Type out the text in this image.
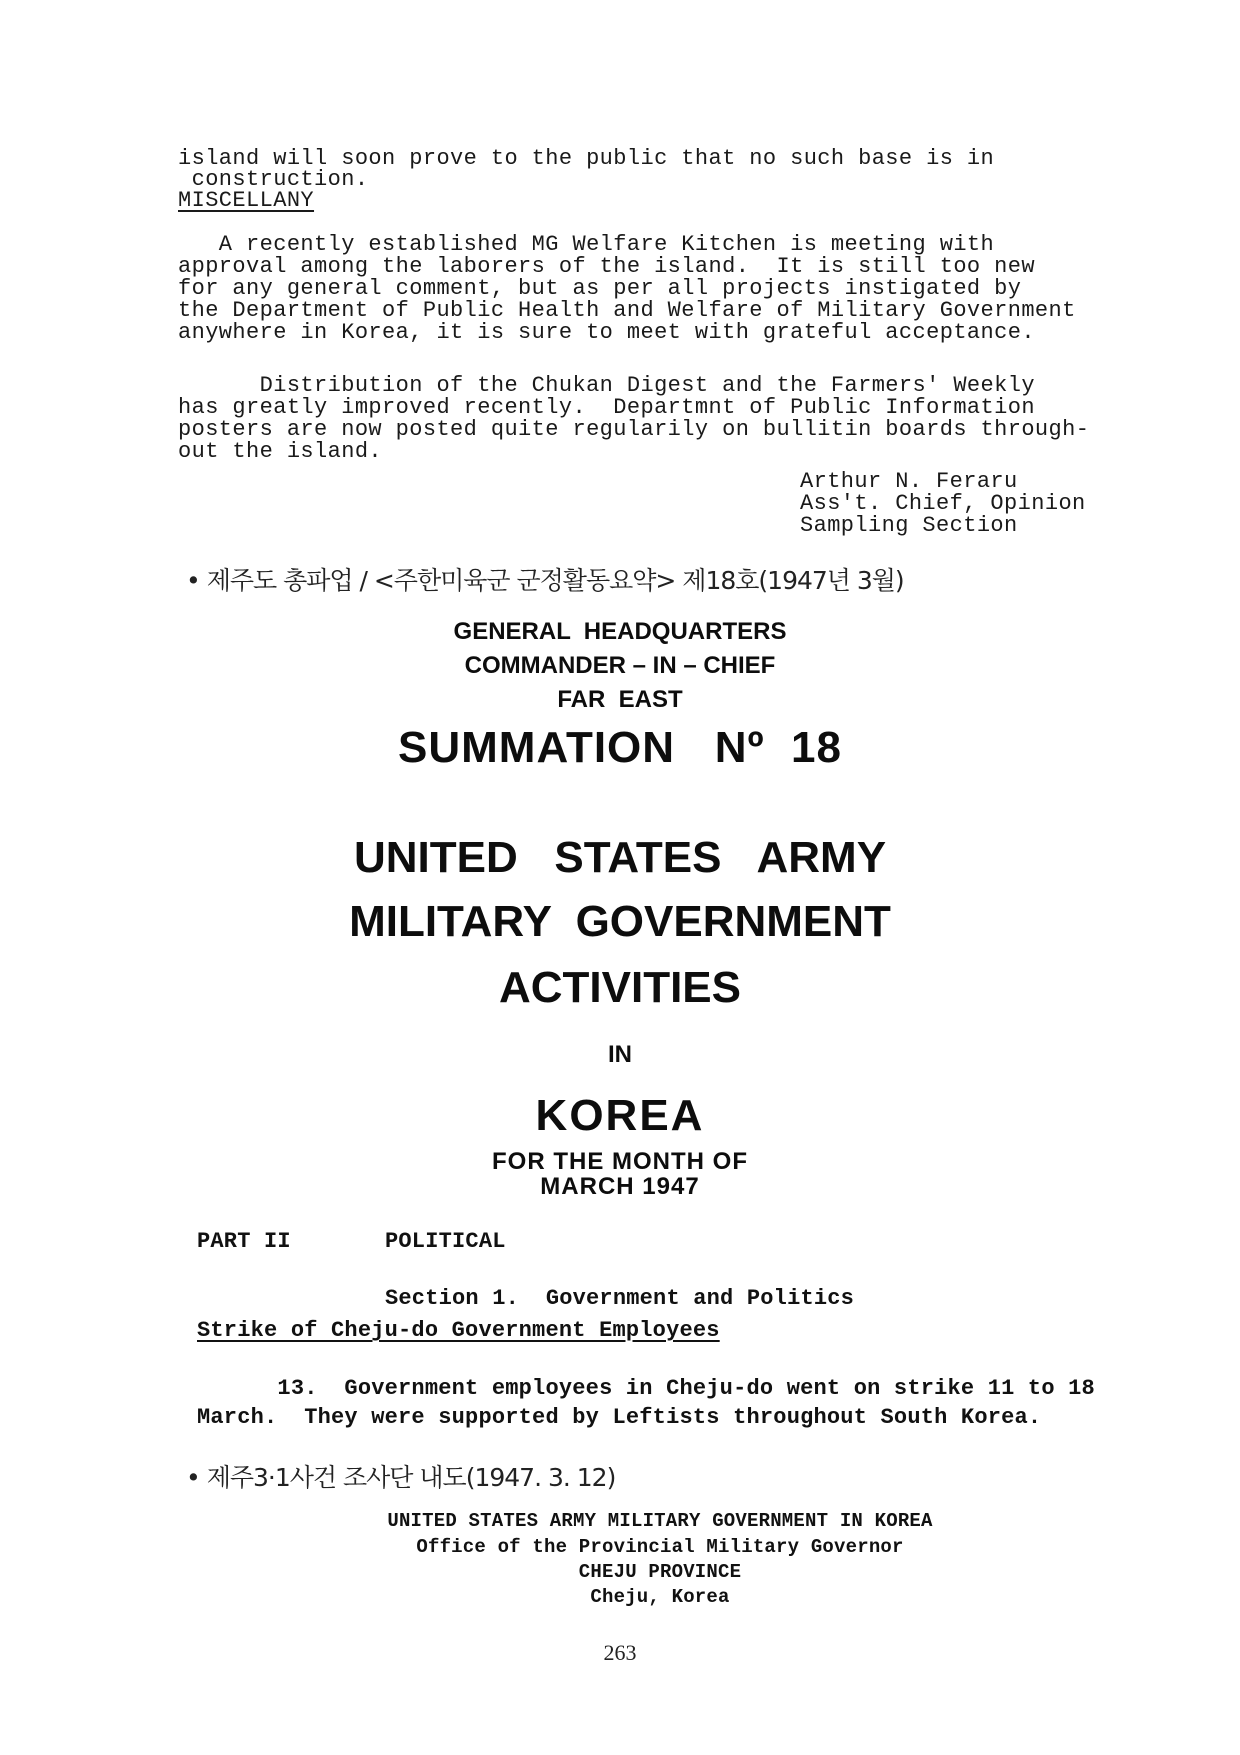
island will soon prove to the public that no such base is in
construction.
MISCELLANY
A recently established MG Welfare Kitchen is meeting with
approval among the laborers of the island.  It is still too new
for any general comment, but as per all projects instigated by
the Department of Public Health and Welfare of Military Government
anywhere in Korea, it is sure to meet with grateful acceptance.
Distribution of the Chukan Digest and the Farmers' Weekly
has greatly improved recently.  Departmnt of Public Information
posters are now posted quite regularily on bullitin boards through-
out the island.
Arthur N. Feraru
Ass't. Chief, Opinion
Sampling Section
• 제주도 총파업 / <주한미육군 군정활동요약> 제18호(1947년 3월)
GENERAL  HEADQUARTERS
COMMANDER – IN – CHIEF
FAR  EAST
SUMMATION   Nº  18
UNITED   STATES   ARMY
MILITARY  GOVERNMENT
ACTIVITIES
IN
KOREA
FOR THE MONTH OF
MARCH 1947
PART II	POLITICAL
Section 1.  Government and Politics
Strike of Cheju-do Government Employees
13.  Government employees in Cheju-do went on strike 11 to 18
March.  They were supported by Leftists throughout South Korea.
• 제주3·1사건 조사단 내도(1947. 3. 12)
UNITED STATES ARMY MILITARY GOVERNMENT IN KOREA
Office of the Provincial Military Governor
CHEJU PROVINCE
Cheju, Korea
263
